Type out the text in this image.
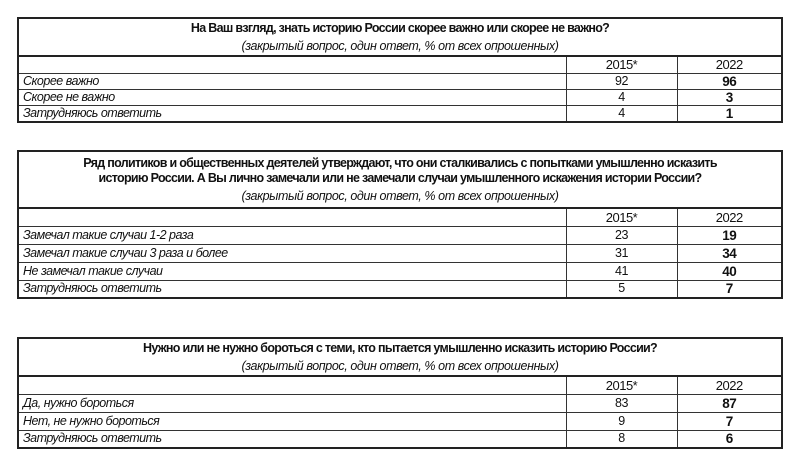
На Ваш взгляд, знать историю России скорее важно или скорее не важно?
(закрытый вопрос, один ответ, % от всех опрошенных)		

	2015*	2022
Скорее важно	92	96
Скорее не важно	4	3
Затрудняюсь ответить	4	1
Ряд политиков и общественных деятелей утверждают, что они сталкивались с попытками умышленно исказить историю России. А Вы лично замечали или не замечали случаи умышленного искажения истории России?
(закрытый вопрос, один ответ, % от всех опрошенных)		

	2015*	2022
Замечал такие случаи 1-2 раза	23	19
Замечал такие случаи 3 раза и более	31	34
Не замечал такие случаи	41	40
Затрудняюсь ответить	5	7
Нужно или не нужно бороться с теми, кто пытается умышленно исказить историю России?
(закрытый вопрос, один ответ, % от всех опрошенных)		

	2015*	2022
Да, нужно бороться	83	87
Нет, не нужно бороться	9	7
Затрудняюсь ответить	8	6
